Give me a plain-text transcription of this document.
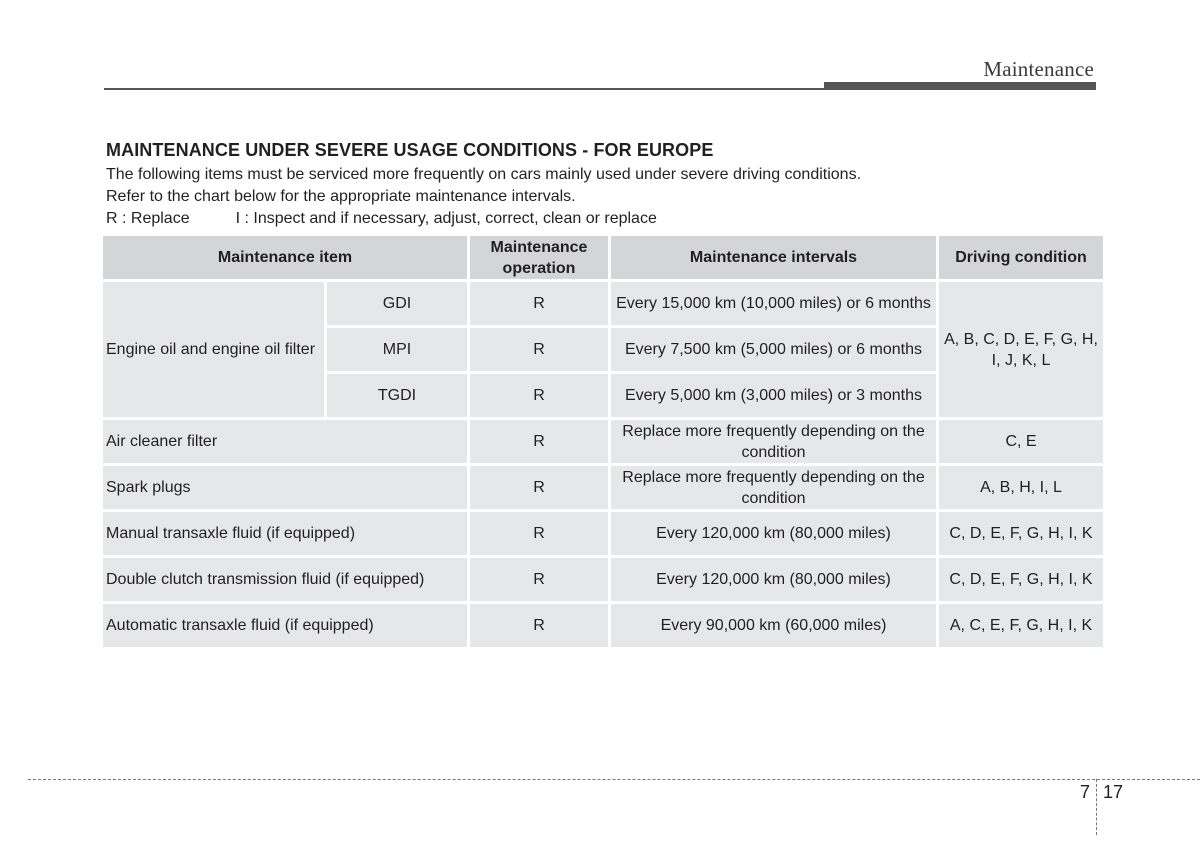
Maintenance
MAINTENANCE UNDER SEVERE USAGE CONDITIONS - FOR EUROPE
The following items must be serviced more frequently on cars mainly used under severe driving conditions.
Refer to the chart below for the appropriate maintenance intervals.
R : Replace	I : Inspect and if necessary, adjust, correct, clean or replace
Maintenance item		Maintenance operation	Maintenance intervals	Driving condition
Engine oil and engine oil filter	GDI	R	Every 15,000 km (10,000 miles) or 6 months	A, B, C, D, E, F, G, H, I, J, K, L
	MPI	R	Every 7,500 km (5,000 miles) or 6 months	
	TGDI	R	Every 5,000 km (3,000 miles) or 3 months	
Air cleaner filter		R	Replace more frequently depending on the condition	C, E
Spark plugs		R	Replace more frequently depending on the condition	A, B, H, I, L
Manual transaxle fluid (if equipped)		R	Every 120,000 km (80,000 miles)	C, D, E, F, G, H, I, K
Double clutch transmission fluid (if equipped)		R	Every 120,000 km (80,000 miles)	C, D, E, F, G, H, I, K
Automatic transaxle fluid (if equipped)		R	Every 90,000 km (60,000 miles)	A, C, E, F, G, H, I, K
7 17
